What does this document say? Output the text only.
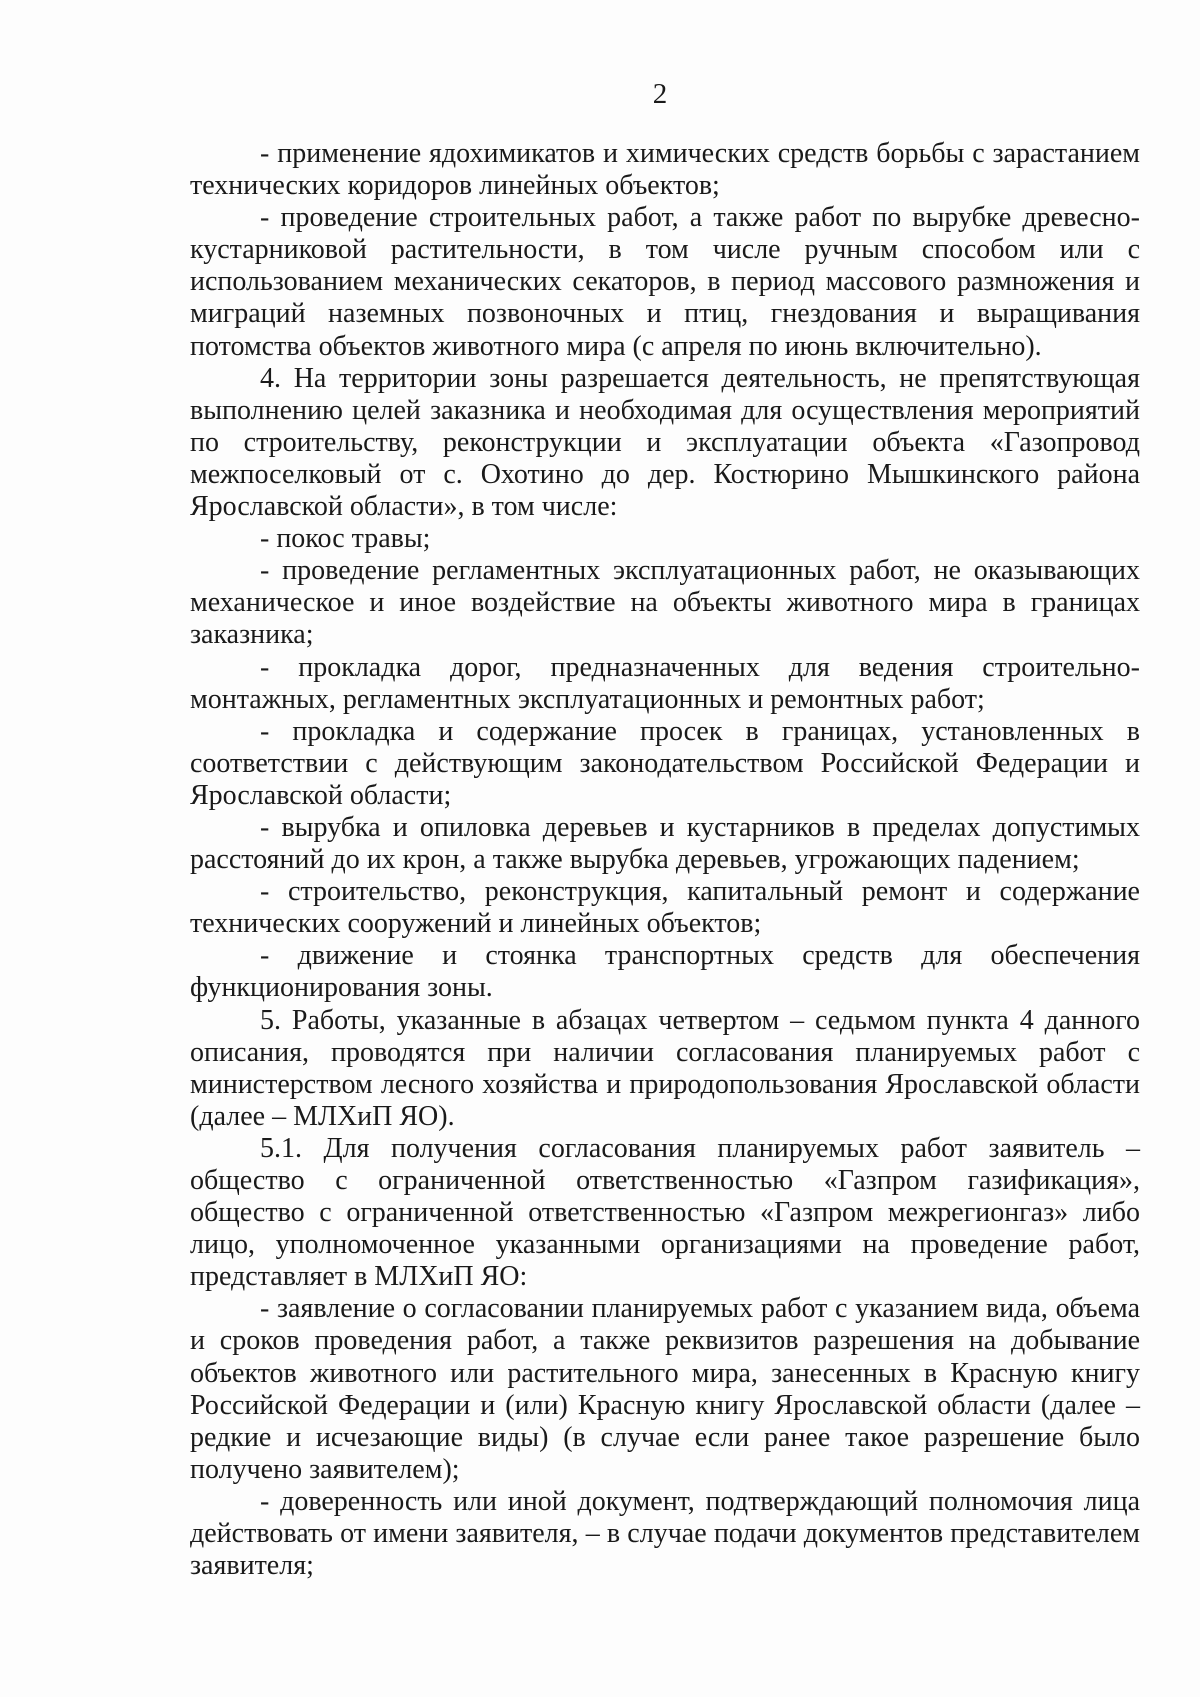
2

- применение ядохимикатов и химических средств борьбы с зарастанием технических коридоров линейных объектов;

- проведение строительных работ, а также работ по вырубке древесно-кустарниковой растительности, в том числе ручным способом или с использованием механических секаторов, в период массового размножения и миграций наземных позвоночных и птиц, гнездования и выращивания потомства объектов животного мира (с апреля по июнь включительно).

4. На территории зоны разрешается деятельность, не препятствующая выполнению целей заказника и необходимая для осуществления мероприятий по строительству, реконструкции и эксплуатации объекта «Газопровод межпоселковый от с. Охотино до дер. Костюрино Мышкинского района Ярославской области», в том числе:

- покос травы;

- проведение регламентных эксплуатационных работ, не оказывающих механическое и иное воздействие на объекты животного мира в границах заказника;

- прокладка дорог, предназначенных для ведения строительно-монтажных, регламентных эксплуатационных и ремонтных работ;

- прокладка и содержание просек в границах, установленных в соответствии с действующим законодательством Российской Федерации и Ярославской области;

- вырубка и опиловка деревьев и кустарников в пределах допустимых расстояний до их крон, а также вырубка деревьев, угрожающих падением;

- строительство, реконструкция, капитальный ремонт и содержание технических сооружений и линейных объектов;

- движение и стоянка транспортных средств для обеспечения функционирования зоны.

5. Работы, указанные в абзацах четвертом – седьмом пункта 4 данного описания, проводятся при наличии согласования планируемых работ с министерством лесного хозяйства и природопользования Ярославской области (далее – МЛХиП ЯО).

5.1. Для получения согласования планируемых работ заявитель – общество с ограниченной ответственностью «Газпром газификация», общество с ограниченной ответственностью «Газпром межрегионгаз» либо лицо, уполномоченное указанными организациями на проведение работ, представляет в МЛХиП ЯО:

- заявление о согласовании планируемых работ с указанием вида, объема и сроков проведения работ, а также реквизитов разрешения на добывание объектов животного или растительного мира, занесенных в Красную книгу Российской Федерации и (или) Красную книгу Ярославской области (далее – редкие и исчезающие виды) (в случае если ранее такое разрешение было получено заявителем);

- доверенность или иной документ, подтверждающий полномочия лица действовать от имени заявителя, – в случае подачи документов представителем заявителя;
